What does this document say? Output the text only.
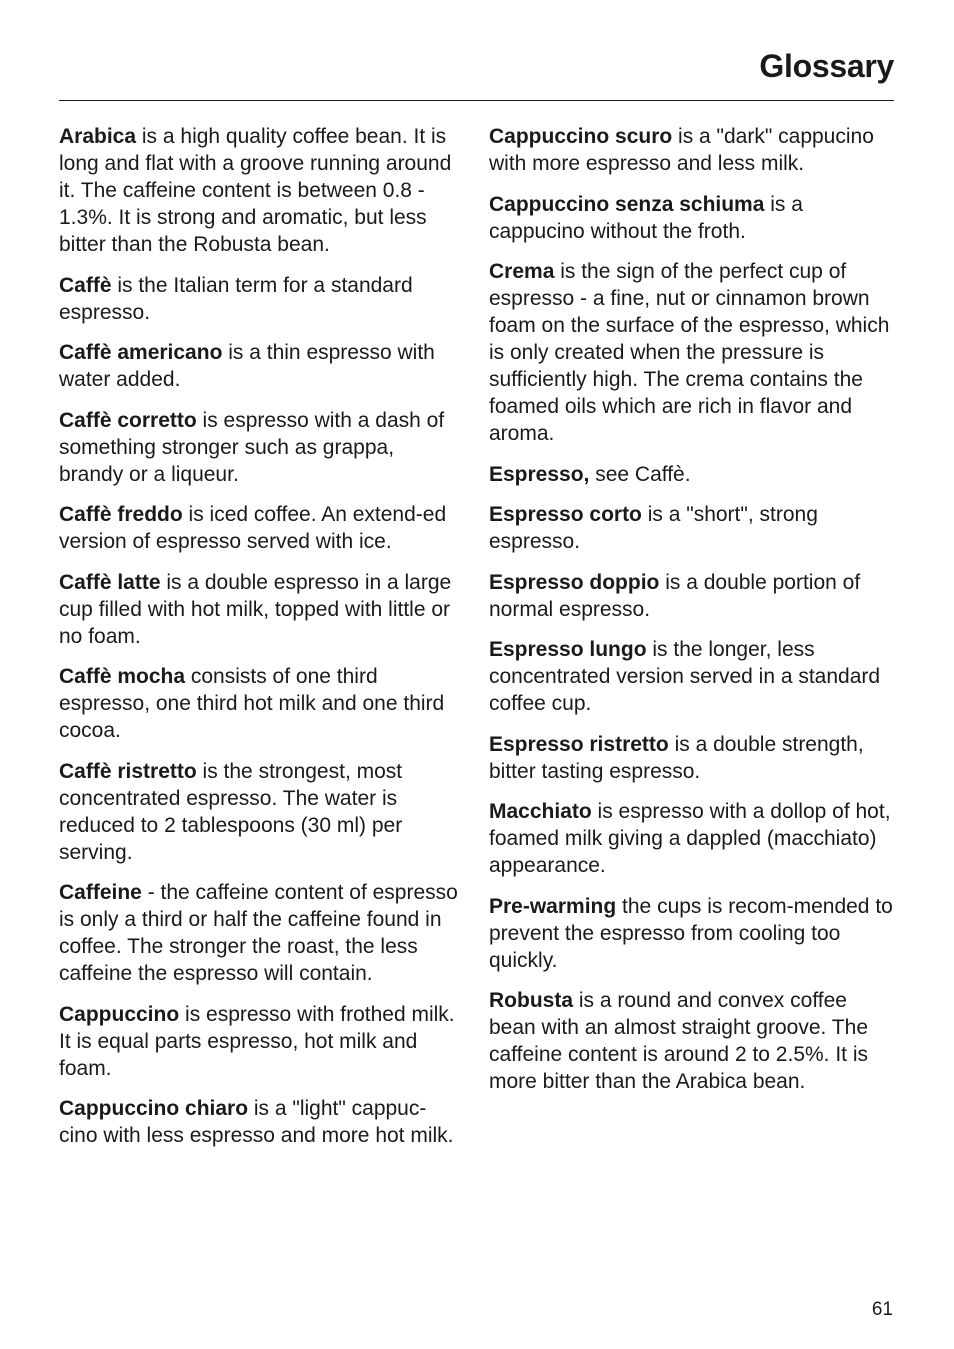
Glossary

Arabica is a high quality coffee bean. It is long and flat with a groove running around it. The caffeine content is between 0.8 - 1.3%. It is strong and aromatic, but less bitter than the Robusta bean.

Caffè is the Italian term for a standard espresso.

Caffè americano is a thin espresso with water added.

Caffè corretto is espresso with a dash of something stronger such as grappa, brandy or a liqueur.

Caffè freddo is iced coffee. An extend-ed version of espresso served with ice.

Caffè latte is a double espresso in a large cup filled with hot milk, topped with little or no foam.

Caffè mocha consists of one third espresso, one third hot milk and one third cocoa.

Caffè ristretto is the strongest, most concentrated espresso. The water is reduced to 2 tablespoons (30 ml) per serving.

Caffeine - the caffeine content of espresso is only a third or half the caffeine found in coffee. The stronger the roast, the less caffeine the espresso will contain.

Cappuccino is espresso with frothed milk. It is equal parts espresso, hot milk and foam.

Cappuccino chiaro is a "light" cappuc-cino with less espresso and more hot milk.

Cappuccino scuro is a "dark" cappucino with more espresso and less milk.

Cappuccino senza schiuma is a cappucino without the froth.

Crema is the sign of the perfect cup of espresso - a fine, nut or cinnamon brown foam on the surface of the espresso, which is only created when the pressure is sufficiently high. The crema contains the foamed oils which are rich in flavor and aroma.

Espresso, see Caffè.

Espresso corto is a "short", strong espresso.

Espresso doppio is a double portion of normal espresso.

Espresso lungo is the longer, less concentrated version served in a standard coffee cup.

Espresso ristretto is a double strength, bitter tasting espresso.

Macchiato is espresso with a dollop of hot, foamed milk giving a dappled (macchiato) appearance.

Pre-warming the cups is recom-mended to prevent the espresso from cooling too quickly.

Robusta is a round and convex coffee bean with an almost straight groove. The caffeine content is around 2 to 2.5%. It is more bitter than the Arabica bean.

61
